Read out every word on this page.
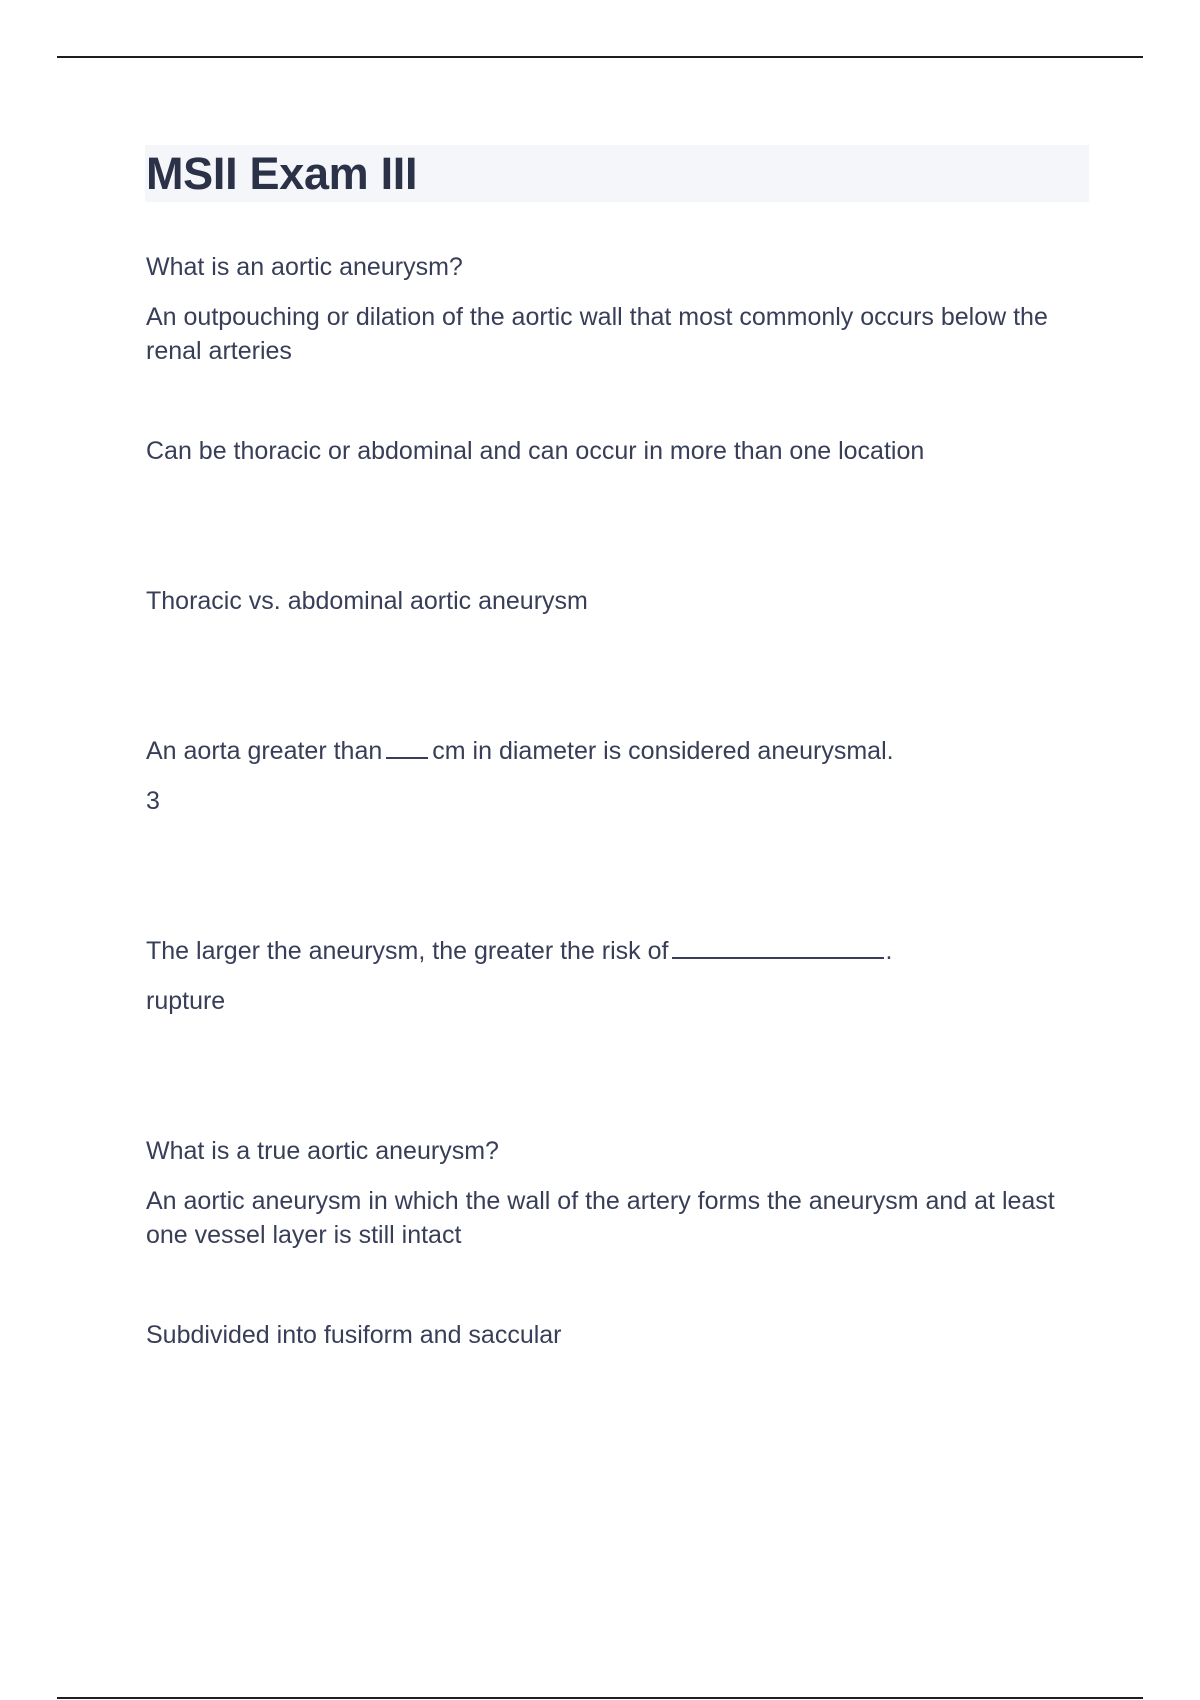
MSII Exam III

What is an aortic aneurysm?

An outpouching or dilation of the aortic wall that most commonly occurs below the renal arteries

Can be thoracic or abdominal and can occur in more than one location

Thoracic vs. abdominal aortic aneurysm

An aorta greater than cm in diameter is considered aneurysmal.

3

The larger the aneurysm, the greater the risk of	.

rupture

What is a true aortic aneurysm?

An aortic aneurysm in which the wall of the artery forms the aneurysm and at least one vessel layer is still intact

Subdivided into fusiform and saccular
